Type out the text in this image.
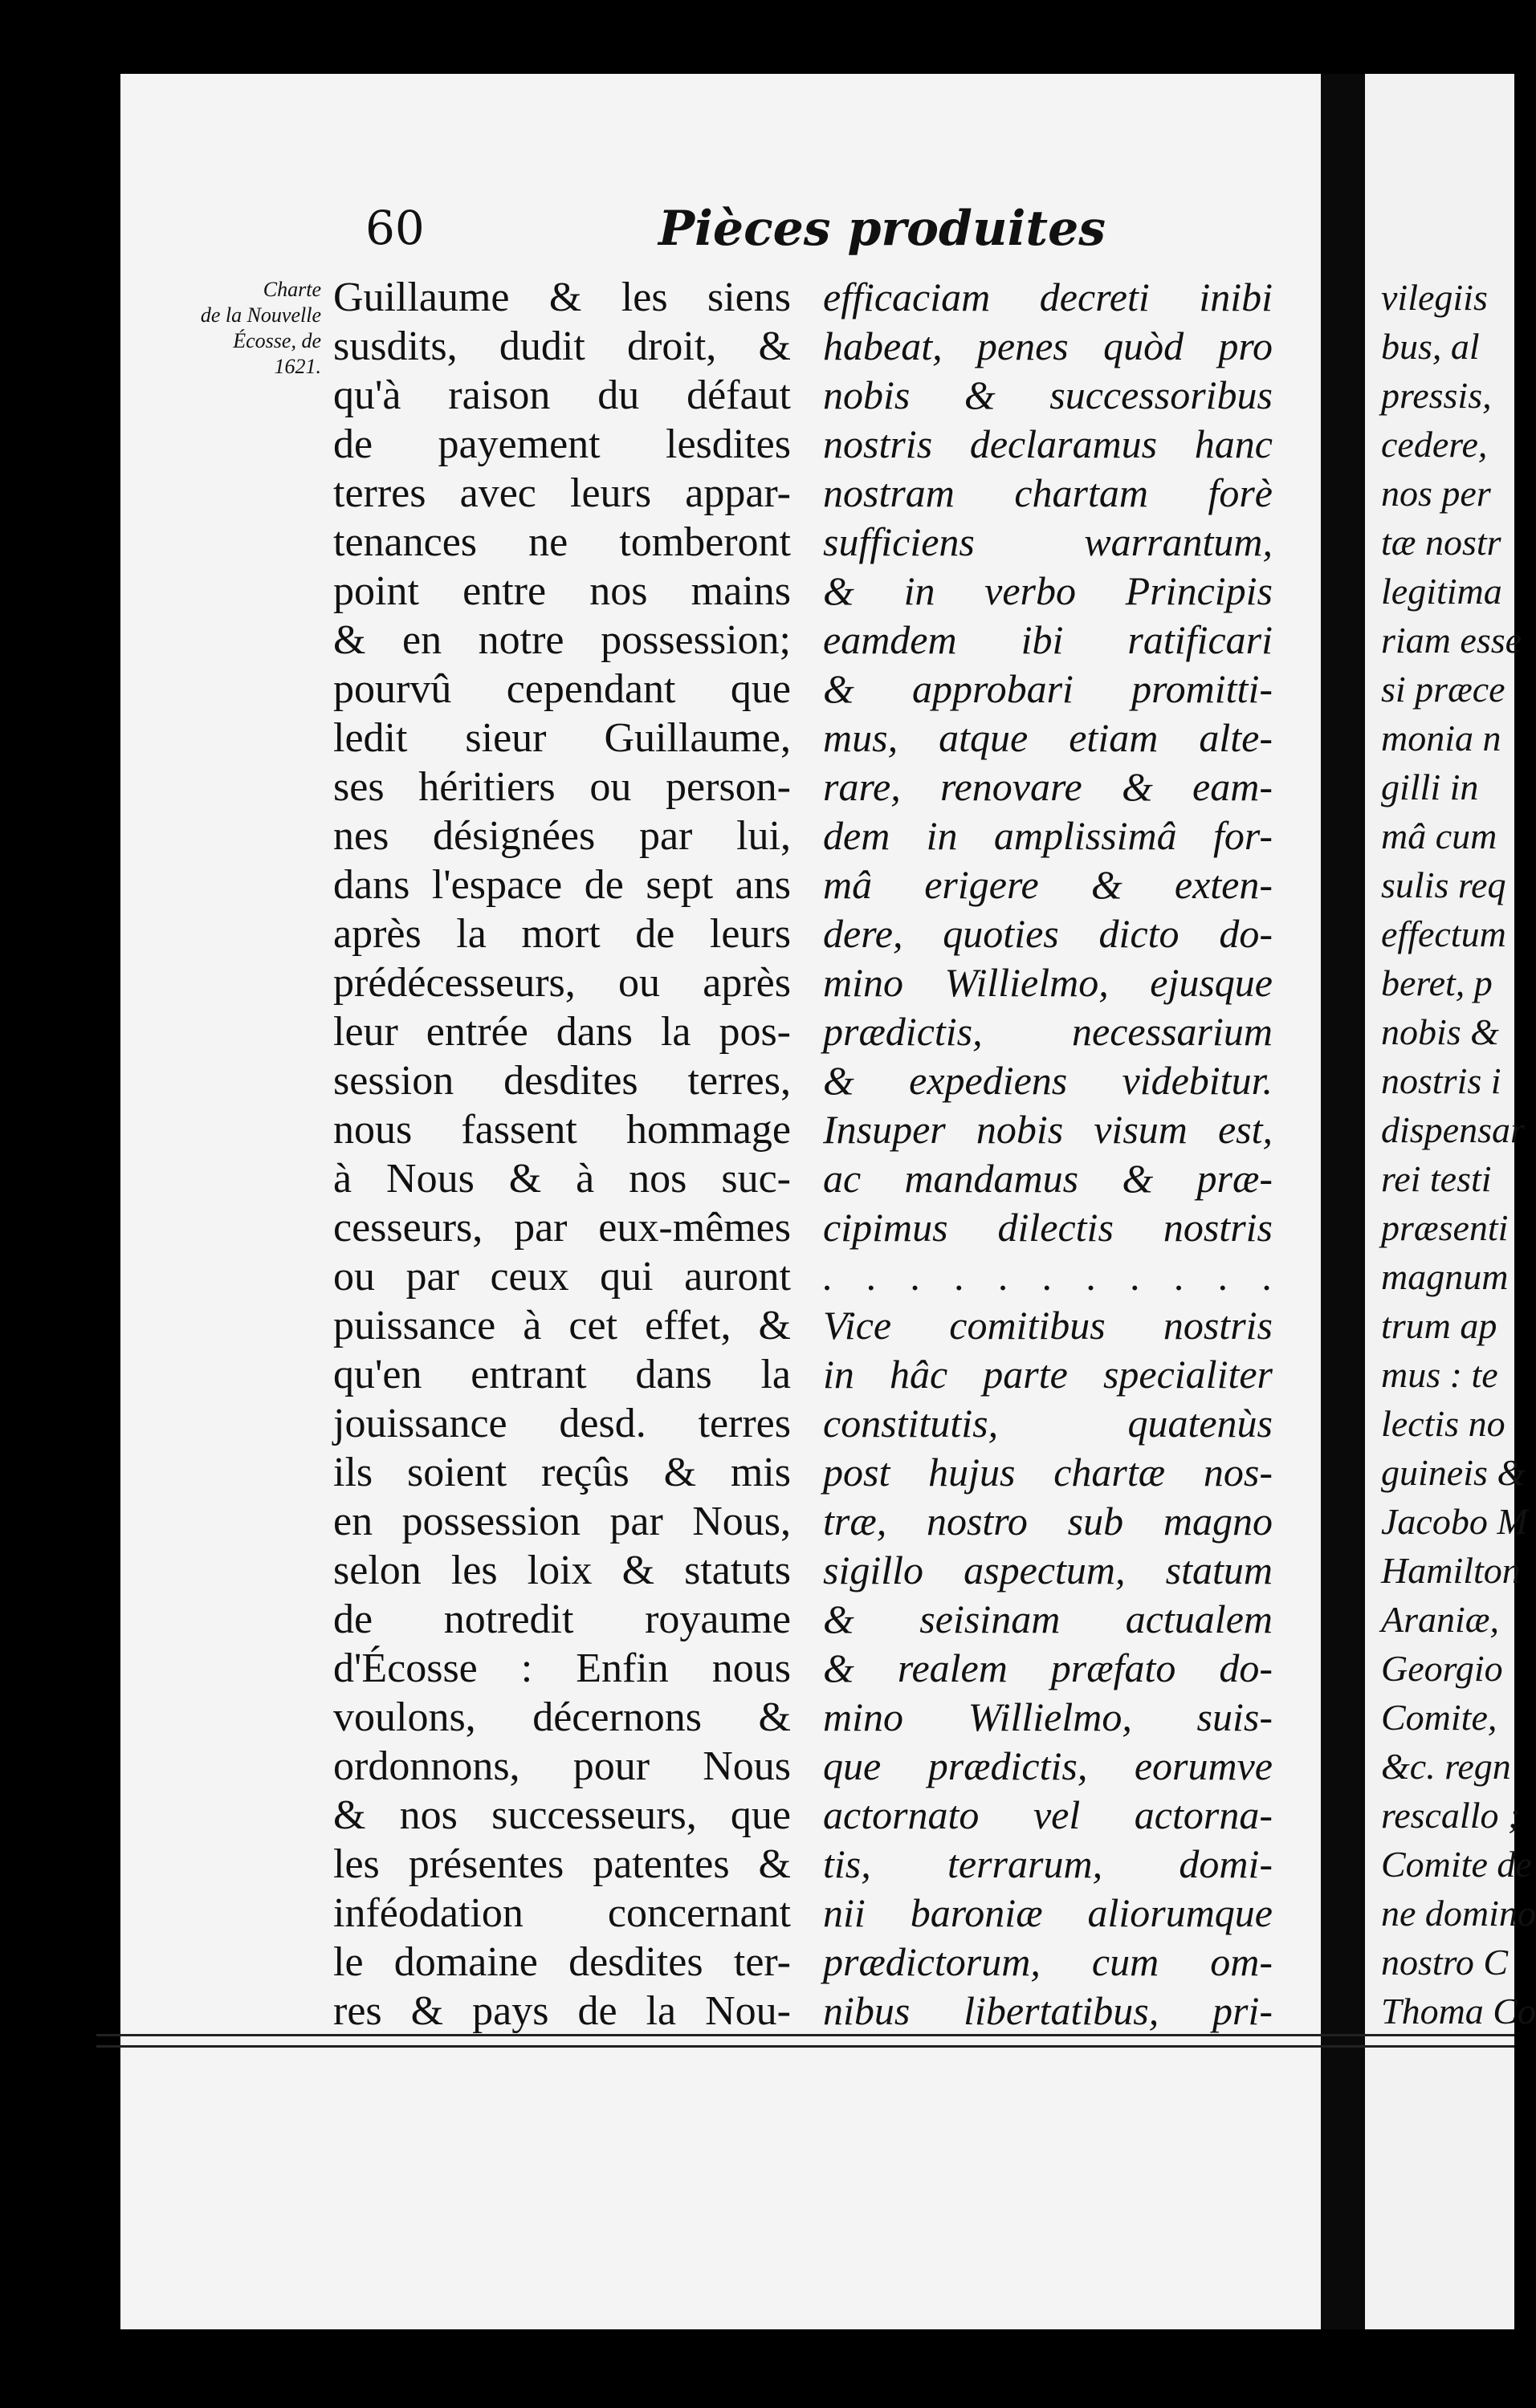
60	Pièces produites
Charte
de la Nouvelle
Écosse, de
1621.
Guillaume & les siens
susdits, dudit droit, &
qu'à raison du défaut
de payement lesdites
terres avec leurs appar-
tenances ne tomberont
point entre nos mains
& en notre possession;
pourvû cependant que
ledit sieur Guillaume,
ses héritiers ou person-
nes désignées par lui,
dans l'espace de sept ans
après la mort de leurs
prédécesseurs, ou après
leur entrée dans la pos-
session desdites terres,
nous fassent hommage
à Nous & à nos suc-
cesseurs, par eux-mêmes
ou par ceux qui auront
puissance à cet effet, &
qu'en entrant dans la
jouissance desd. terres
ils soient reçûs & mis
en possession par Nous,
selon les loix & statuts
de notredit royaume
d'Écosse : Enfin nous
voulons, décernons &
ordonnons, pour Nous
& nos successeurs, que
les présentes patentes &
inféodation concernant
le domaine desdites ter-
res & pays de la Nou-
efficaciam decreti inibi
habeat, penes quòd pro
nobis & successoribus
nostris declaramus hanc
nostram chartam forè
sufficiens warrantum,
& in verbo Principis
eamdem ibi ratificari
& approbari promitti-
mus, atque etiam alte-
rare, renovare & eam-
dem in amplissimâ for-
mâ erigere & exten-
dere, quoties dicto do-
mino Willielmo, ejusque
prædictis, necessarium
& expediens videbitur.
Insuper nobis visum est,
ac mandamus & præ-
cipimus dilectis nostris
. . . . . . . . . . .
Vice comitibus nostris
in hâc parte specialiter
constitutis, quatenùs
post hujus chartæ nos-
træ, nostro sub magno
sigillo aspectum, statum
& seisinam actualem
& realem præfato do-
mino Willielmo, suis-
que prædictis, eorumve
actornato vel actorna-
tis, terrarum, domi-
nii baroniæ aliorumque
prædictorum, cum om-
nibus libertatibus, pri-
vilegiis
bus, al
pressis,
cedere,
nos per
tæ nostr
legitima
riam esse
si præce
monia n
gilli in
mâ cum
sulis req
effectum
beret, p
nobis &
nostris i
dispensar
rei testi
præsenti
magnum
trum ap
mus : te
lectis no
guineis &
Jacobo M
Hamilton
Araniæ,
Georgio
Comite,
&c. regn
rescallo ;
Comite de
ne domino
nostro C
Thoma Co
